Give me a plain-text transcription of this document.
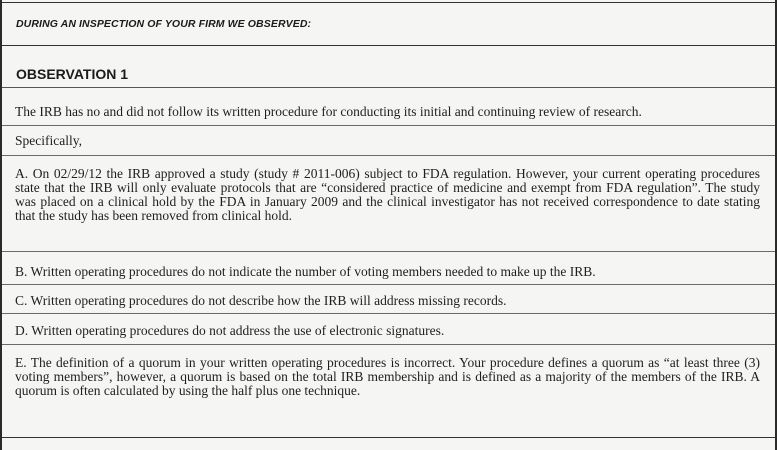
DURING AN INSPECTION OF YOUR FIRM WE OBSERVED:
OBSERVATION 1

The IRB has no and did not follow its written procedure for conducting its initial and continuing review of research.

Specifically,

A. On 02/29/12 the IRB approved a study (study # 2011-006) subject to FDA regulation. However, your current operating procedures state that the IRB will only evaluate protocols that are “considered practice of medicine and exempt from FDA regulation”. The study was placed on a clinical hold by the FDA in January 2009 and the clinical investigator has not received correspondence to date stating that the study has been removed from clinical hold.

B. Written operating procedures do not indicate the number of voting members needed to make up the IRB.

C. Written operating procedures do not describe how the IRB will address missing records.

D. Written operating procedures do not address the use of electronic signatures.

E. The definition of a quorum in your written operating procedures is incorrect. Your procedure defines a quorum as “at least three (3) voting members”, however, a quorum is based on the total IRB membership and is defined as a majority of the members of the IRB. A quorum is often calculated by using the half plus one technique.
